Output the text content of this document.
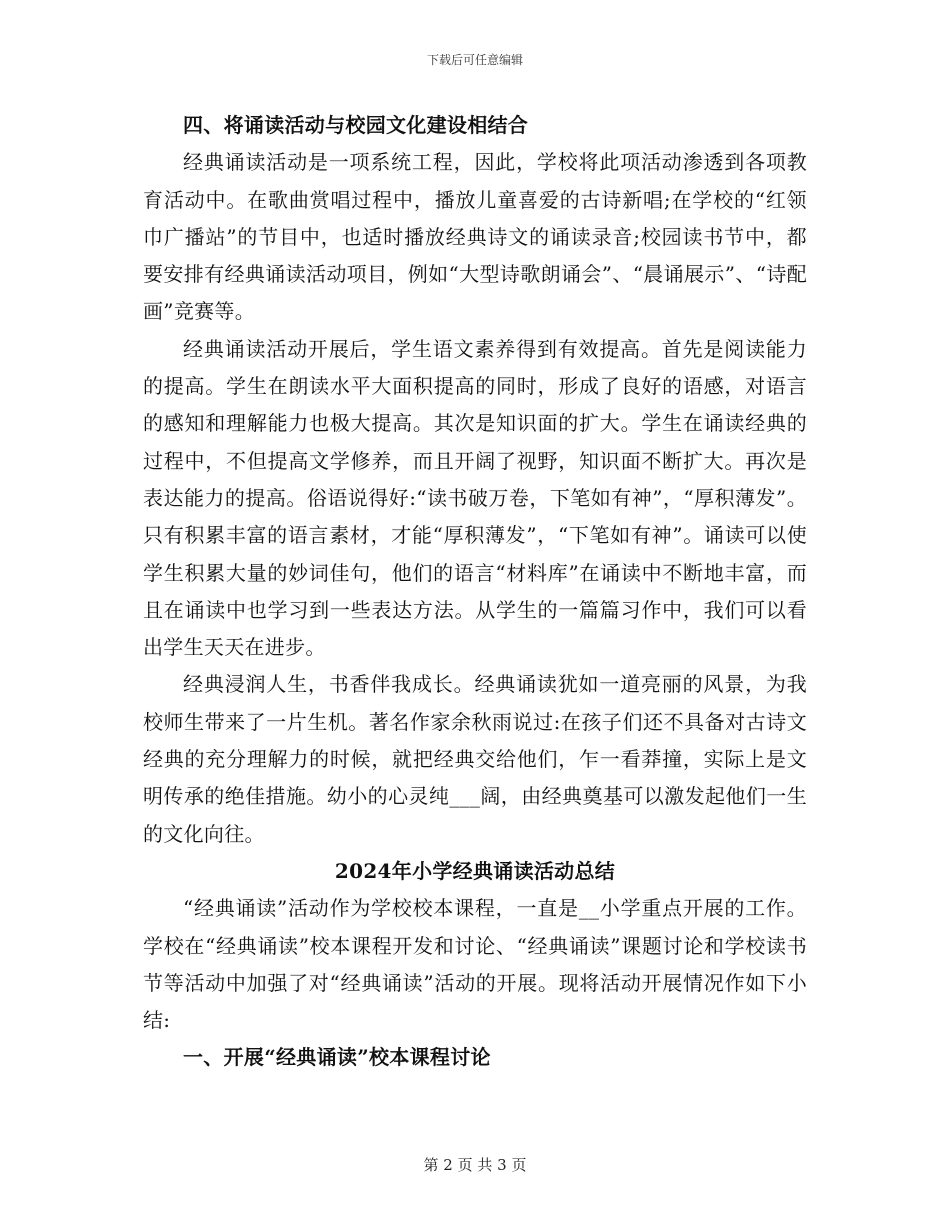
下载后可任意编辑

四、将诵读活动与校园文化建设相结合

经典诵读活动是一项系统工程，因此，学校将此项活动渗透到各项教育活动中。在歌曲赏唱过程中，播放儿童喜爱的古诗新唱;在学校的“红领巾广播站”的节目中，也适时播放经典诗文的诵读录音;校园读书节中，都要安排有经典诵读活动项目，例如“大型诗歌朗诵会”、“晨诵展示”、“诗配画”竞赛等。

经典诵读活动开展后，学生语文素养得到有效提高。首先是阅读能力的提高。学生在朗读水平大面积提高的同时，形成了良好的语感，对语言的感知和理解能力也极大提高。其次是知识面的扩大。学生在诵读经典的过程中，不但提高文学修养，而且开阔了视野，知识面不断扩大。再次是表达能力的提高。俗语说得好:“读书破万卷，下笔如有神”，“厚积薄发”。只有积累丰富的语言素材，才能“厚积薄发”，“下笔如有神”。诵读可以使学生积累大量的妙词佳句，他们的语言“材料库”在诵读中不断地丰富，而且在诵读中也学习到一些表达方法。从学生的一篇篇习作中，我们可以看出学生天天在进步。

经典浸润人生，书香伴我成长。经典诵读犹如一道亮丽的风景，为我校师生带来了一片生机。著名作家余秋雨说过:在孩子们还不具备对古诗文经典的充分理解力的时候，就把经典交给他们，乍一看莽撞，实际上是文明传承的绝佳措施。幼小的心灵纯___阔，由经典奠基可以激发起他们一生的文化向往。

2024年小学经典诵读活动总结

“经典诵读”活动作为学校校本课程，一直是__小学重点开展的工作。学校在“经典诵读”校本课程开发和讨论、“经典诵读”课题讨论和学校读书节等活动中加强了对“经典诵读”活动的开展。现将活动开展情况作如下小结:

一、开展“经典诵读”校本课程讨论

第 2 页 共 3 页
